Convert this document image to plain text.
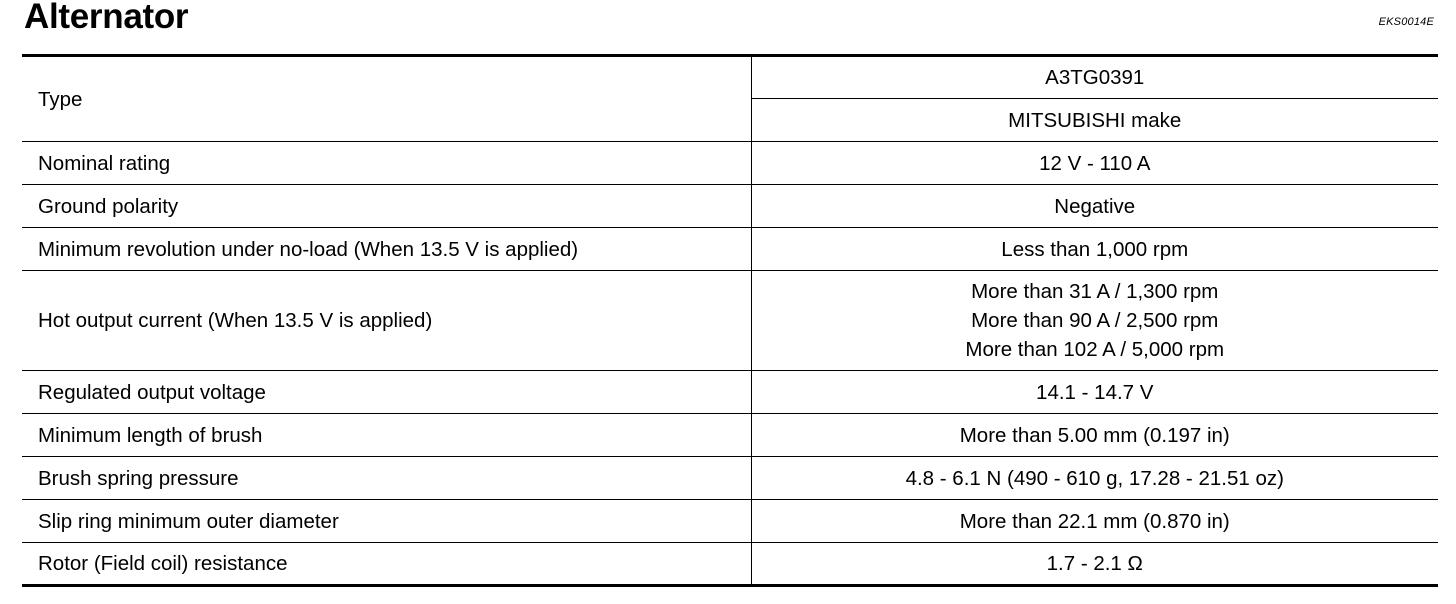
Alternator	EKS0014E
Type	A3TG0391
	MITSUBISHI make
Nominal rating	12 V - 110 A
Ground polarity	Negative
Minimum revolution under no-load (When 13.5 V is applied)	Less than 1,000 rpm
Hot output current (When 13.5 V is applied)	More than 31 A / 1,300 rpm
More than 90 A / 2,500 rpm
More than 102 A / 5,000 rpm

Regulated output voltage	14.1 - 14.7 V
Minimum length of brush	More than 5.00 mm (0.197 in)
Brush spring pressure	4.8 - 6.1 N (490 - 610 g, 17.28 - 21.51 oz)
Slip ring minimum outer diameter	More than 22.1 mm (0.870 in)
Rotor (Field coil) resistance	1.7 - 2.1 Ω
